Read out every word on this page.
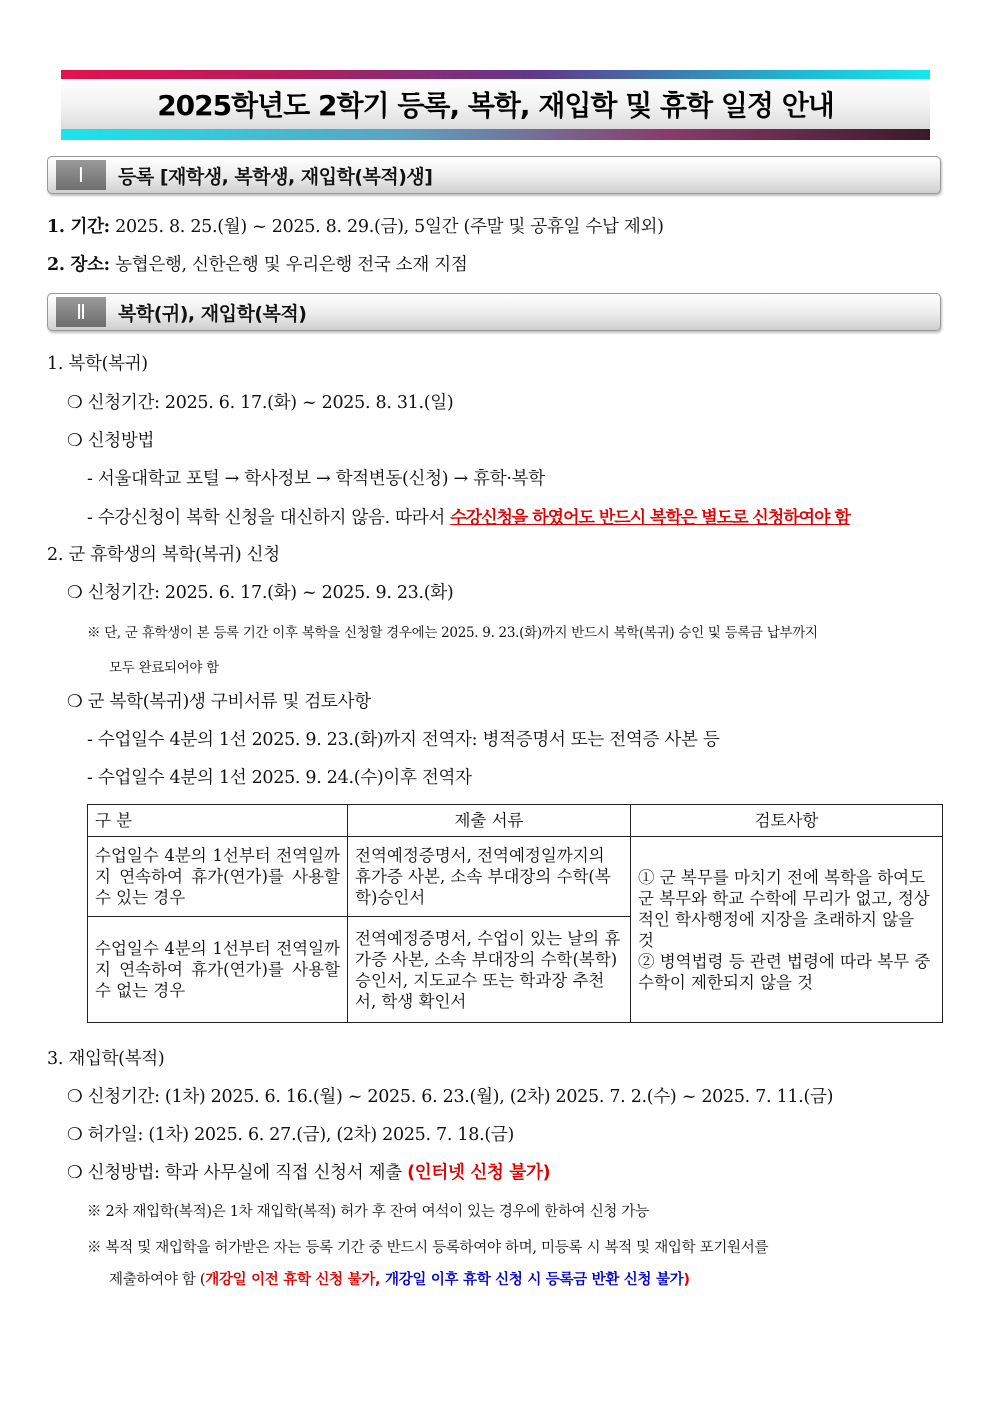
2025학년도 2학기 등록, 복학, 재입학 및 휴학 일정 안내
Ⅰ	등록 [재학생, 복학생, 재입학(복적)생]
1. 기간: 2025. 8. 25.(월) ~ 2025. 8. 29.(금), 5일간 (주말 및 공휴일 수납 제외)
2. 장소: 농협은행, 신한은행 및 우리은행 전국 소재 지점
Ⅱ	복학(귀), 재입학(복적)
1. 복학(복귀)
❍ 신청기간: 2025. 6. 17.(화) ~ 2025. 8. 31.(일)
❍ 신청방법
- 서울대학교 포털 → 학사정보 → 학적변동(신청) → 휴학·복학
- 수강신청이 복학 신청을 대신하지 않음. 따라서 수강신청을 하였어도 반드시 복학은 별도로 신청하여야 함
2. 군 휴학생의 복학(복귀) 신청
❍ 신청기간: 2025. 6. 17.(화) ~ 2025. 9. 23.(화)
※ 단, 군 휴학생이 본 등록 기간 이후 복학을 신청할 경우에는 2025. 9. 23.(화)까지 반드시 복학(복귀) 승인 및 등록금 납부까지
모두 완료되어야 함
❍ 군 복학(복귀)생 구비서류 및 검토사항
- 수업일수 4분의 1선 2025. 9. 23.(화)까지 전역자: 병적증명서 또는 전역증 사본 등
- 수업일수 4분의 1선 2025. 9. 24.(수)이후 전역자
구 분	제출 서류	검토사항
수업일수 4분의 1선부터 전역일까지 연속하여 휴가(연가)를 사용할 수 있는 경우	전역예정증명서, 전역예정일까지의 휴가증 사본, 소속 부대장의 수학(복학)승인서	① 군 복무를 마치기 전에 복학을 하여도 군 복무와 학교 수학에 무리가 없고, 정상적인 학사행정에 지장을 초래하지 않을 것
② 병역법령 등 관련 법령에 따라 복무 중 수학이 제한되지 않을 것

수업일수 4분의 1선부터 전역일까지 연속하여 휴가(연가)를 사용할 수 없는 경우	전역예정증명서, 수업이 있는 날의 휴가증 사본, 소속 부대장의 수학(복학)승인서, 지도교수 또는 학과장 추천서, 학생 확인서	
3. 재입학(복적)
❍ 신청기간: (1차) 2025. 6. 16.(월) ~ 2025. 6. 23.(월), (2차) 2025. 7. 2.(수) ~ 2025. 7. 11.(금)
❍ 허가일: (1차) 2025. 6. 27.(금), (2차) 2025. 7. 18.(금)
❍ 신청방법: 학과 사무실에 직접 신청서 제출 (인터넷 신청 불가)
※ 2차 재입학(복적)은 1차 재입학(복적) 허가 후 잔여 여석이 있는 경우에 한하여 신청 가능
※ 복적 및 재입학을 허가받은 자는 등록 기간 중 반드시 등록하여야 하며, 미등록 시 복적 및 재입학 포기원서를
제출하여야 함 (개강일 이전 휴학 신청 불가, 개강일 이후 휴학 신청 시 등록금 반환 신청 불가)
